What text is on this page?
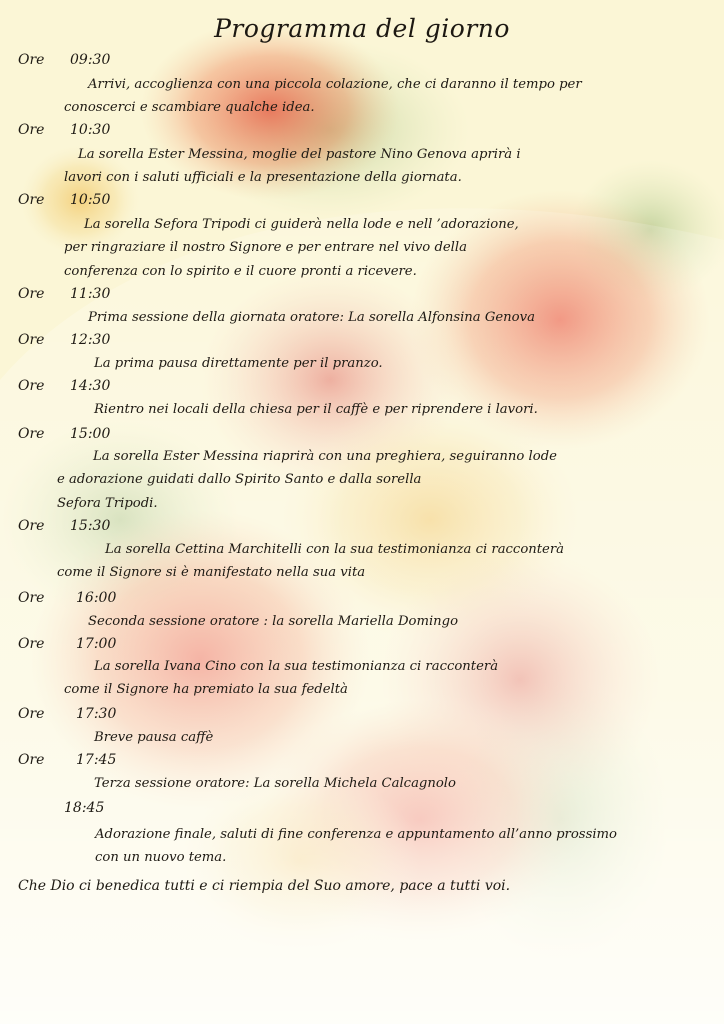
Programma del giorno
Ore 09:30
Arrivi, accoglienza con una piccola colazione, che ci daranno il tempo per
conoscerci e scambiare qualche idea.
Ore 10:30
La sorella Ester Messina, moglie del pastore Nino Genova aprirà i
lavori con i saluti ufficiali e la presentazione della giornata.
Ore 10:50
La sorella Sefora Tripodi ci guiderà nella lode e nell ’adorazione,
per ringraziare il nostro Signore e per entrare nel vivo della
conferenza con lo spirito e il cuore pronti a ricevere.
Ore 11:30
Prima sessione della giornata oratore: La sorella Alfonsina Genova
Ore 12:30
La prima pausa direttamente per il pranzo.
Ore 14:30
Rientro nei locali della chiesa per il caffè e per riprendere i lavori.
Ore 15:00
La sorella Ester Messina riaprirà con una preghiera, seguiranno lode
e adorazione guidati dallo Spirito Santo e dalla sorella
Sefora Tripodi.
Ore 15:30
La sorella Cettina Marchitelli con la sua testimonianza ci racconterà
come il Signore si è manifestato nella sua vita
Ore 16:00
Seconda sessione oratore : la sorella Mariella Domingo
Ore 17:00
La sorella Ivana Cino con la sua testimonianza ci racconterà
come il Signore ha premiato la sua fedeltà
Ore 17:30
Breve pausa caffè
Ore 17:45
Terza sessione oratore: La sorella Michela Calcagnolo
18:45
Adorazione finale, saluti di fine conferenza e appuntamento all’anno prossimo
con un nuovo tema.
Che Dio ci benedica tutti e ci riempia del Suo amore, pace a tutti voi.
